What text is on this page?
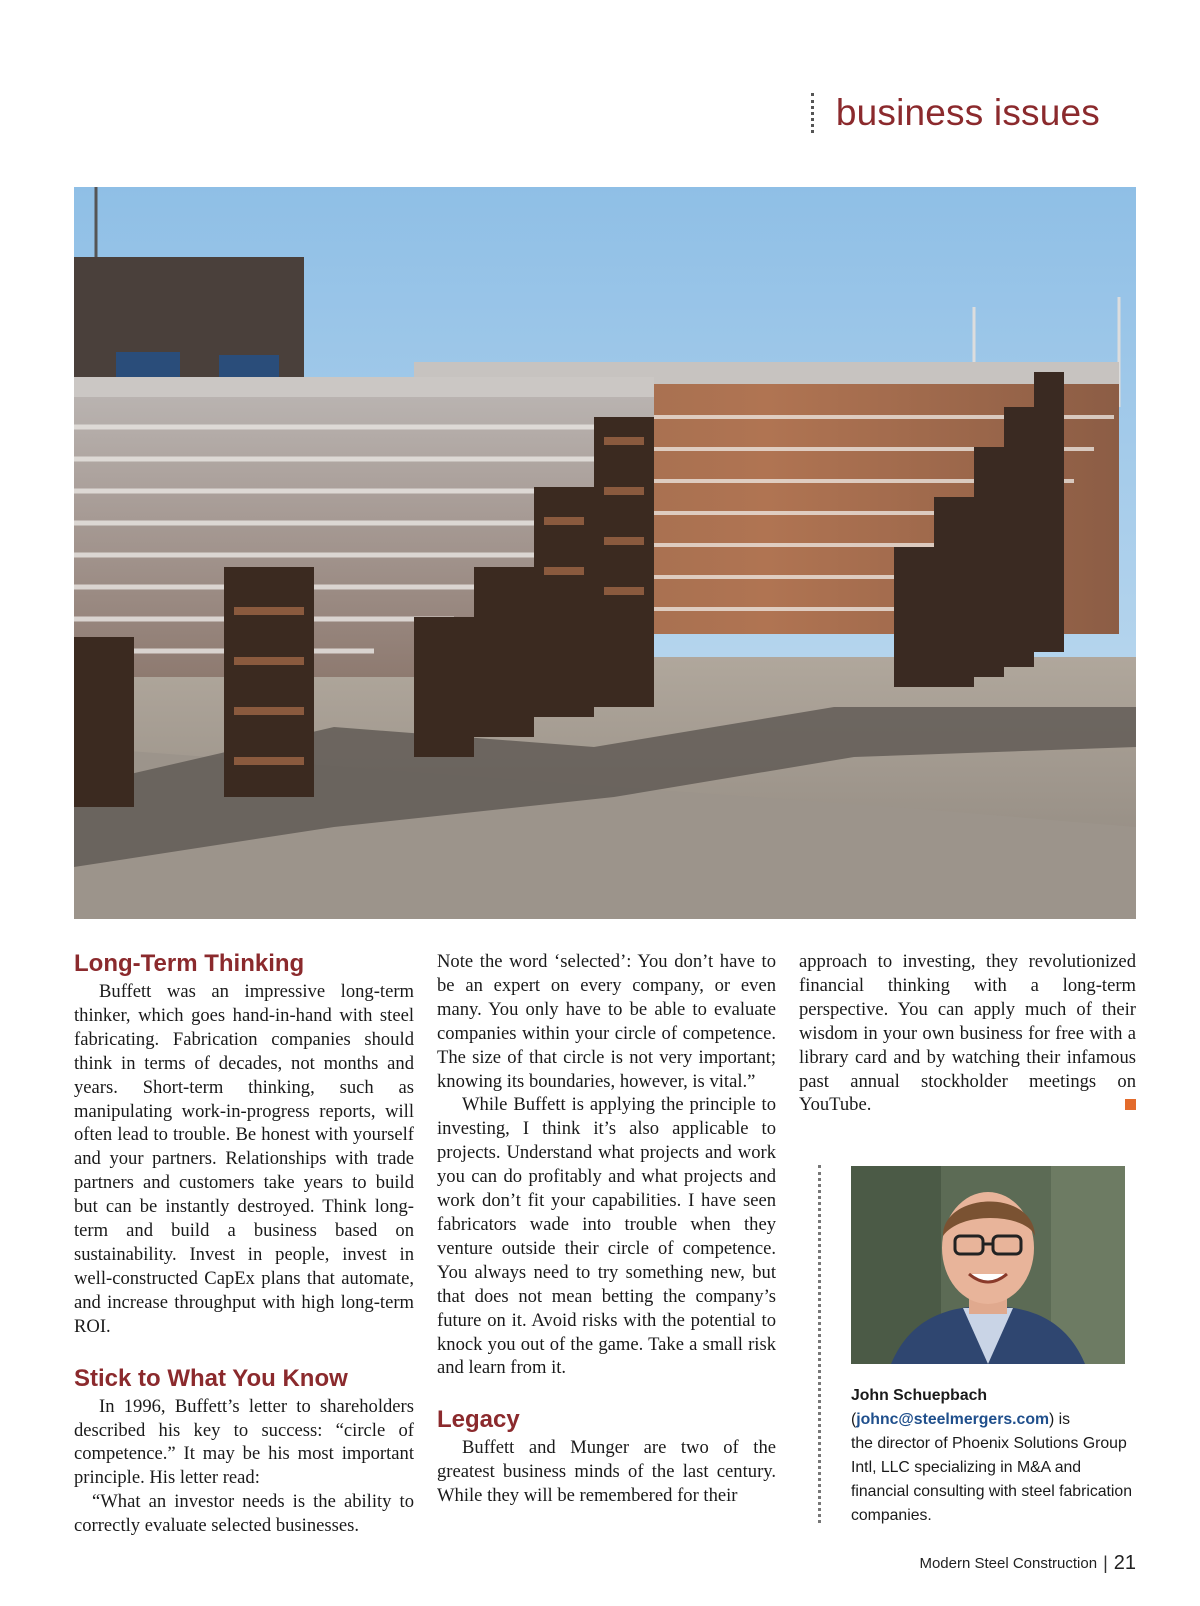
business issues
Long-Term Thinking

Buffett was an impressive long-term thinker, which goes hand-in-hand with steel fabricating. Fabrication companies should think in terms of decades, not months and years. Short-term thinking, such as manipulating work-in-progress reports, will often lead to trouble. Be honest with yourself and your partners. Relationships with trade partners and customers take years to build but can be instantly destroyed. Think long-term and build a business based on sustainability. Invest in people, invest in well-constructed CapEx plans that automate, and increase throughput with high long-term ROI.

Stick to What You Know

In 1996, Buffett’s letter to shareholders described his key to success: “circle of competence.” It may be his most important principle. His letter read:

“What an investor needs is the ability to correctly evaluate selected businesses.

Note the word ‘selected’: You don’t have to be an expert on every company, or even many. You only have to be able to evaluate companies within your circle of competence. The size of that circle is not very important; knowing its boundaries, however, is vital.”

While Buffett is applying the principle to investing, I think it’s also applicable to projects. Understand what projects and work you can do profitably and what projects and work don’t fit your capabilities. I have seen fabricators wade into trouble when they venture outside their circle of competence. You always need to try something new, but that does not mean betting the company’s future on it. Avoid risks with the potential to knock you out of the game. Take a small risk and learn from it.

Legacy

Buffett and Munger are two of the greatest business minds of the last century. While they will be remembered for their

approach to investing, they revolutionized financial thinking with a long-term perspective. You can apply much of their wisdom in your own business for free with a library card and by watching their infamous past annual stockholder meetings on YouTube.

John Schuepbach
(johnc@steelmergers.com) is
the director of Phoenix Solutions Group Intl, LLC specializing in M&A and financial consulting with steel fabrication companies.
Modern Steel Construction | 21
